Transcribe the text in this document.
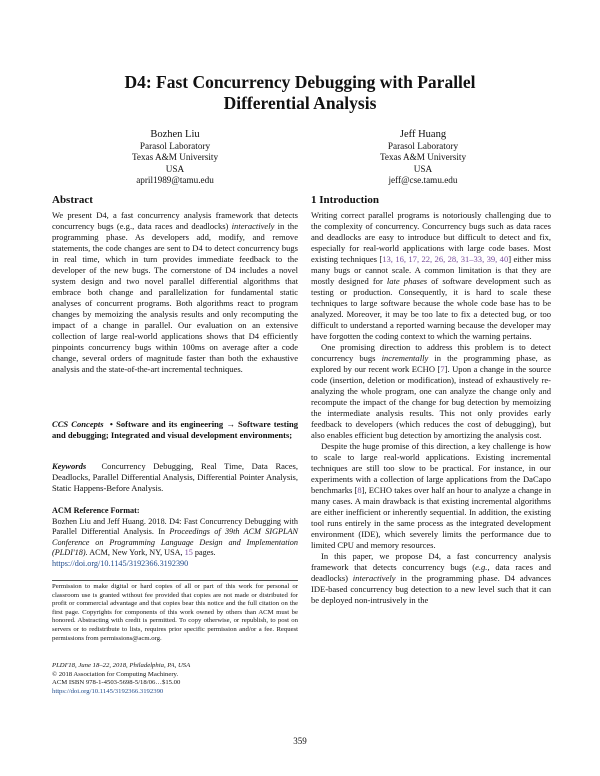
D4: Fast Concurrency Debugging with Parallel
Differential Analysis
Bozhen Liu
Parasol Laboratory
Texas A&M University
USA
april1989@tamu.edu
Jeff Huang
Parasol Laboratory
Texas A&M University
USA
jeff@cse.tamu.edu
Abstract

We present D4, a fast concurrency analysis framework that detects concurrency bugs (e.g., data races and deadlocks) interactively in the programming phase. As developers add, modify, and remove statements, the code changes are sent to D4 to detect concurrency bugs in real time, which in turn provides immediate feedback to the developer of the new bugs. The cornerstone of D4 includes a novel system design and two novel parallel differential algorithms that embrace both change and parallelization for fundamental static analyses of concurrent programs. Both algorithms react to program changes by memoizing the analysis results and only recomputing the impact of a change in parallel. Our evaluation on an extensive collection of large real-world applications shows that D4 efficiently pinpoints concurrency bugs within 100ms on average after a code change, several orders of magnitude faster than both the exhaustive analysis and the state-of-the-art incremental techniques.

CCS Concepts • Software and its engineering → Software testing and debugging; Integrated and visual development environments;

Keywords Concurrency Debugging, Real Time, Data Races, Deadlocks, Parallel Differential Analysis, Differential Pointer Analysis, Static Happens-Before Analysis.

ACM Reference Format:

Bozhen Liu and Jeff Huang. 2018. D4: Fast Concurrency Debugging with Parallel Differential Analysis. In Proceedings of 39th ACM SIGPLAN Conference on Programming Language Design and Implementation (PLDI'18). ACM, New York, NY, USA, 15 pages.

https://doi.org/10.1145/3192366.3192390

Permission to make digital or hard copies of all or part of this work for personal or classroom use is granted without fee provided that copies are not made or distributed for profit or commercial advantage and that copies bear this notice and the full citation on the first page. Copyrights for components of this work owned by others than ACM must be honored. Abstracting with credit is permitted. To copy otherwise, or republish, to post on servers or to redistribute to lists, requires prior specific permission and/or a fee. Request permissions from permissions@acm.org.
PLDI'18, June 18–22, 2018, Philadelphia, PA, USA
© 2018 Association for Computing Machinery.
ACM ISBN 978-1-4503-5698-5/18/06…$15.00
https://doi.org/10.1145/3192366.3192390
1 Introduction

Writing correct parallel programs is notoriously challenging due to the complexity of concurrency. Concurrency bugs such as data races and deadlocks are easy to introduce but difficult to detect and fix, especially for real-world applications with large code bases. Most existing techniques [13, 16, 17, 22, 26, 28, 31–33, 39, 40] either miss many bugs or cannot scale. A common limitation is that they are mostly designed for late phases of software development such as testing or production. Consequently, it is hard to scale these techniques to large software because the whole code base has to be analyzed. Moreover, it may be too late to fix a detected bug, or too difficult to understand a reported warning because the developer may have forgotten the coding context to which the warning pertains.

One promising direction to address this problem is to detect concurrency bugs incrementally in the programming phase, as explored by our recent work ECHO [7]. Upon a change in the source code (insertion, deletion or modification), instead of exhaustively re-analyzing the whole program, one can analyze the change only and recompute the impact of the change for bug detection by memoizing the intermediate analysis results. This not only provides early feedback to developers (which reduces the cost of debugging), but also enables efficient bug detection by amortizing the analysis cost.

Despite the huge promise of this direction, a key challenge is how to scale to large real-world applications. Existing incremental techniques are still too slow to be practical. For instance, in our experiments with a collection of large applications from the DaCapo benchmarks [8], ECHO takes over half an hour to analyze a change in many cases. A main drawback is that existing incremental algorithms are either inefficient or inherently sequential. In addition, the existing tool runs entirely in the same process as the integrated development environment (IDE), which severely limits the performance due to limited CPU and memory resources.

In this paper, we propose D4, a fast concurrency analysis framework that detects concurrency bugs (e.g., data races and deadlocks) interactively in the programming phase. D4 advances IDE-based concurrency bug detection to a new level such that it can be deployed non-intrusively in the

359
